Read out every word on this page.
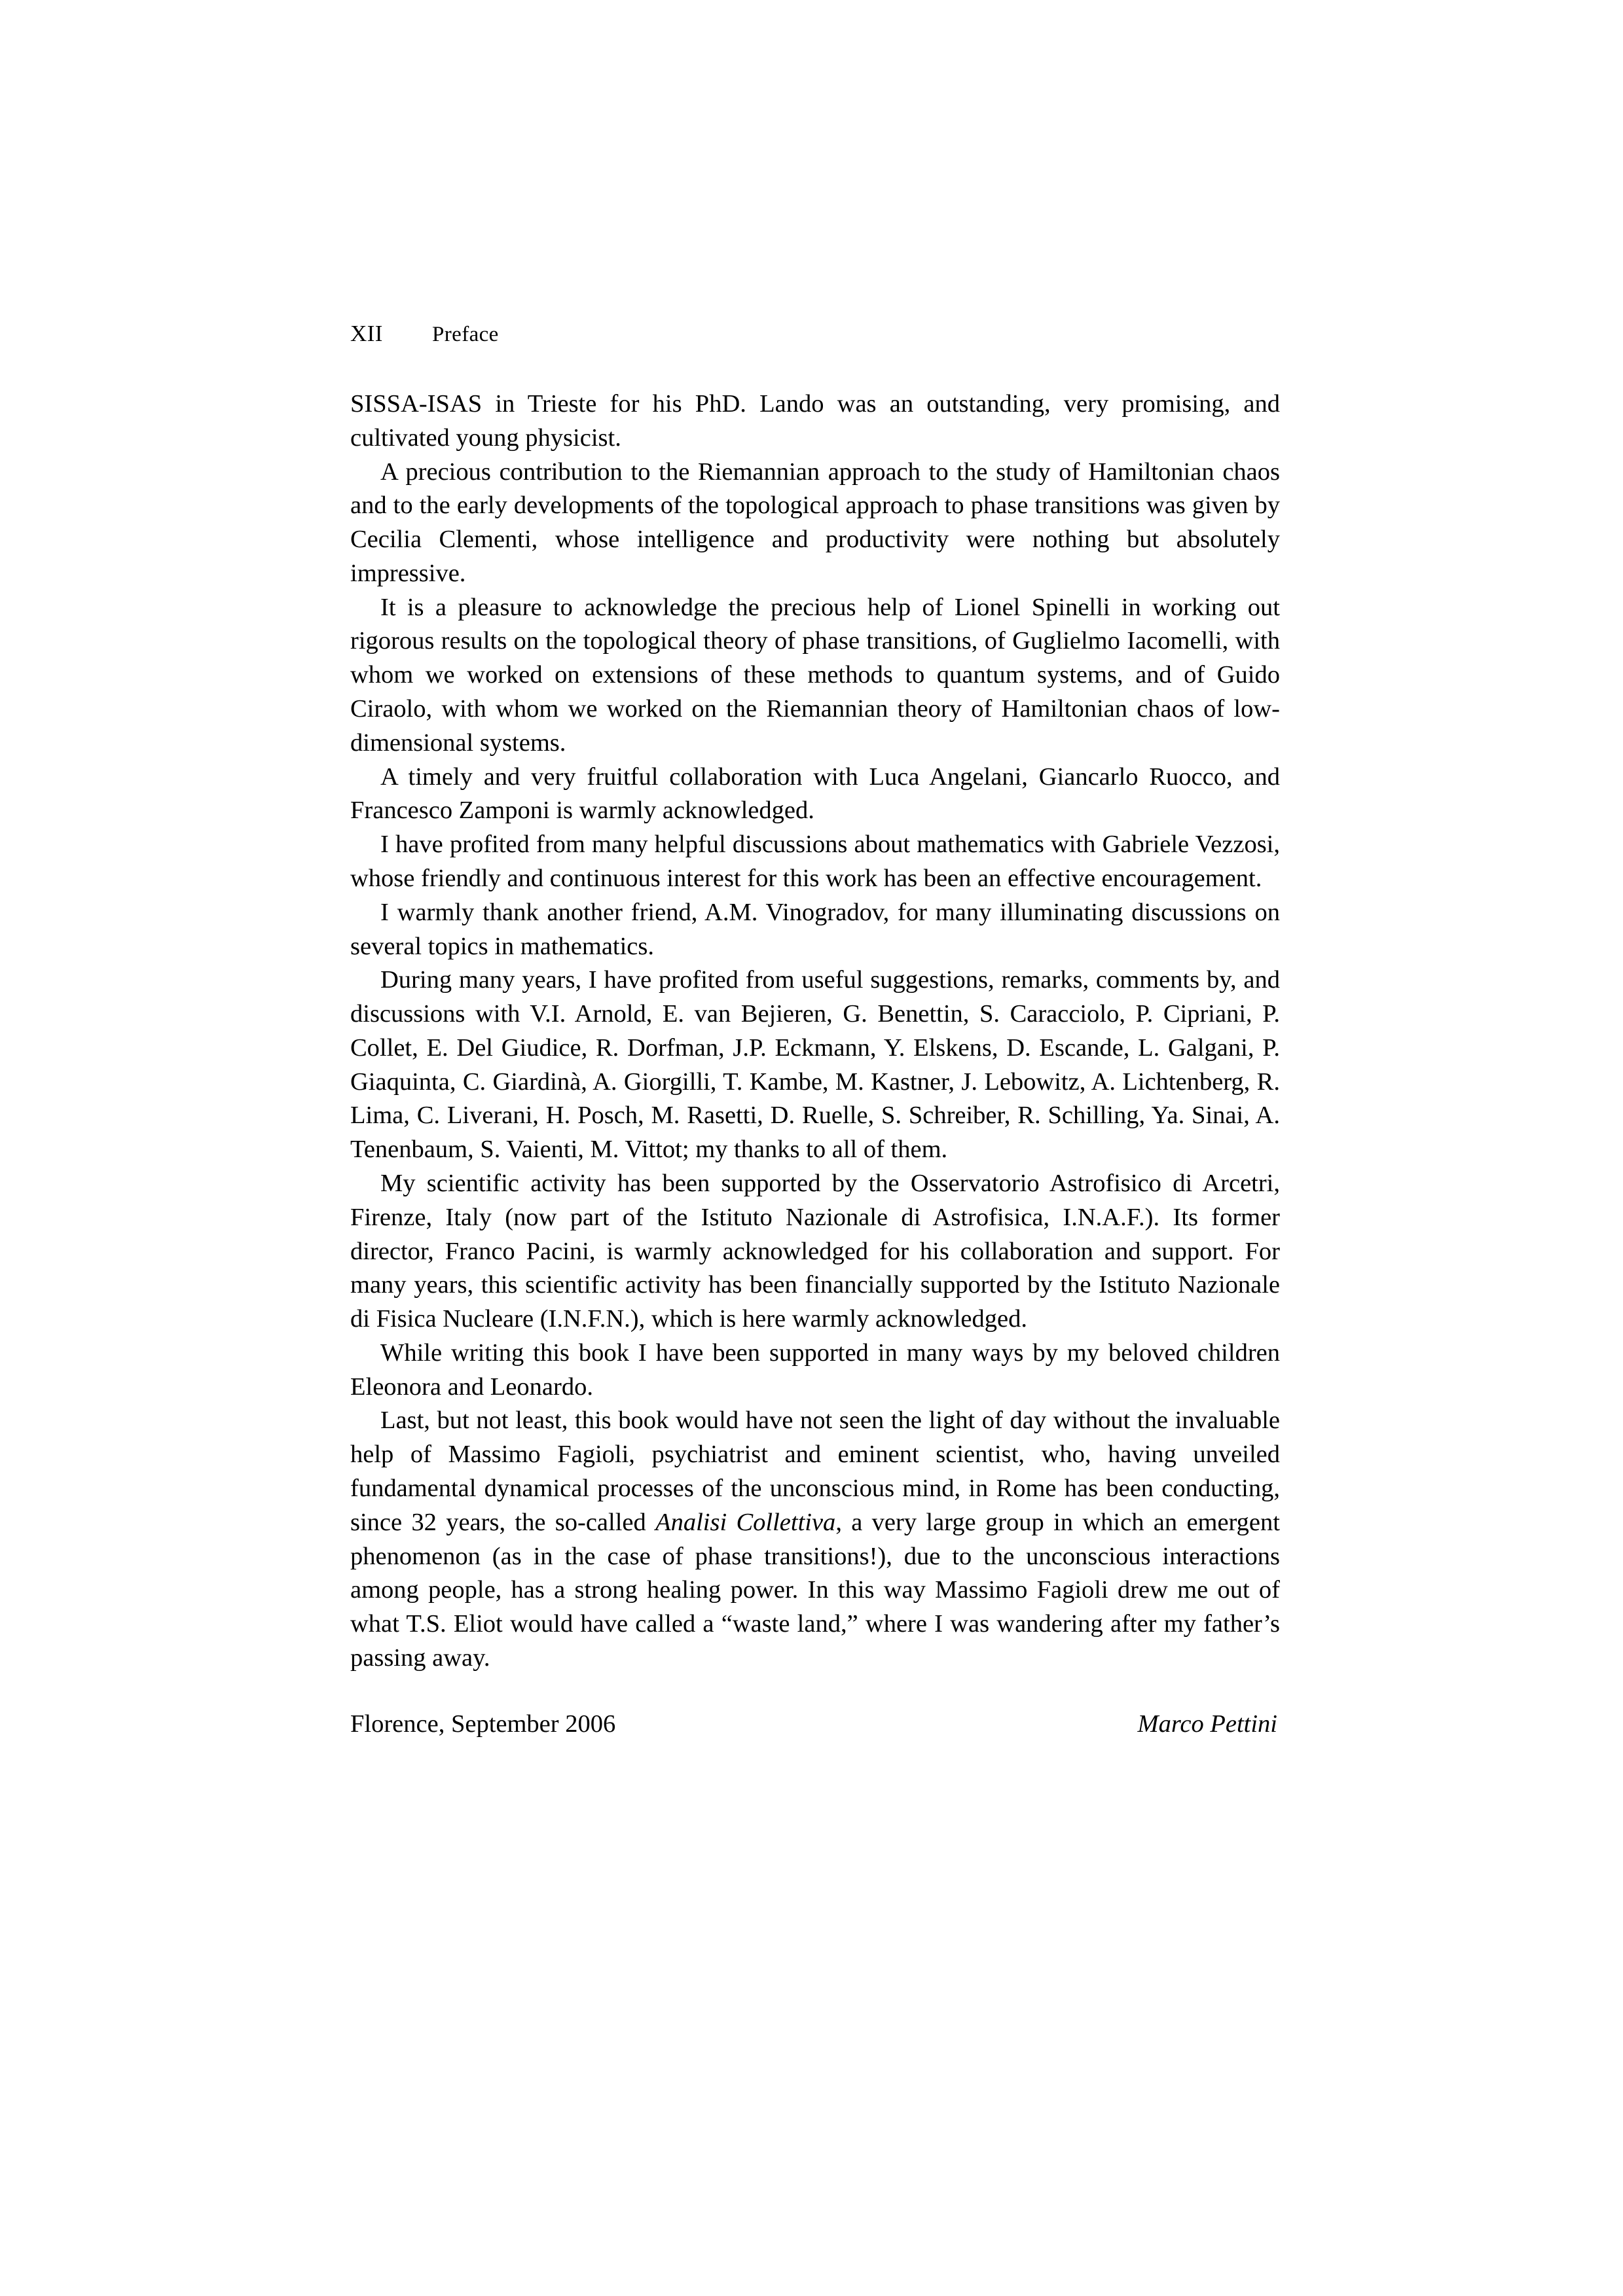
XII	Preface

SISSA-ISAS in Trieste for his PhD. Lando was an outstanding, very promising, and cultivated young physicist.

A precious contribution to the Riemannian approach to the study of Hamiltonian chaos and to the early developments of the topological approach to phase transitions was given by Cecilia Clementi, whose intelligence and productivity were nothing but absolutely impressive.

It is a pleasure to acknowledge the precious help of Lionel Spinelli in working out rigorous results on the topological theory of phase transitions, of Guglielmo Iacomelli, with whom we worked on extensions of these methods to quantum systems, and of Guido Ciraolo, with whom we worked on the Riemannian theory of Hamiltonian chaos of low-dimensional systems.

A timely and very fruitful collaboration with Luca Angelani, Giancarlo Ruocco, and Francesco Zamponi is warmly acknowledged.

I have profited from many helpful discussions about mathematics with Gabriele Vezzosi, whose friendly and continuous interest for this work has been an effective encouragement.

I warmly thank another friend, A.M. Vinogradov, for many illuminating discussions on several topics in mathematics.

During many years, I have profited from useful suggestions, remarks, comments by, and discussions with V.I. Arnold, E. van Bejieren, G. Benettin, S. Caracciolo, P. Cipriani, P. Collet, E. Del Giudice, R. Dorfman, J.P. Eckmann, Y. Elskens, D. Escande, L. Galgani, P. Giaquinta, C. Giardinà, A. Giorgilli, T. Kambe, M. Kastner, J. Lebowitz, A. Lichtenberg, R. Lima, C. Liverani, H. Posch, M. Rasetti, D. Ruelle, S. Schreiber, R. Schilling, Ya. Sinai, A. Tenenbaum, S. Vaienti, M. Vittot; my thanks to all of them.

My scientific activity has been supported by the Osservatorio Astrofisico di Arcetri, Firenze, Italy (now part of the Istituto Nazionale di Astrofisica, I.N.A.F.). Its former director, Franco Pacini, is warmly acknowledged for his collaboration and support. For many years, this scientific activity has been financially supported by the Istituto Nazionale di Fisica Nucleare (I.N.F.N.), which is here warmly acknowledged.

While writing this book I have been supported in many ways by my beloved children Eleonora and Leonardo.

Last, but not least, this book would have not seen the light of day without the invaluable help of Massimo Fagioli, psychiatrist and eminent scientist, who, having unveiled fundamental dynamical processes of the unconscious mind, in Rome has been conducting, since 32 years, the so-called Analisi Collettiva, a very large group in which an emergent phenomenon (as in the case of phase transitions!), due to the unconscious interactions among people, has a strong healing power. In this way Massimo Fagioli drew me out of what T.S. Eliot would have called a “waste land,” where I was wandering after my father’s passing away.

Florence, September 2006	Marco Pettini
